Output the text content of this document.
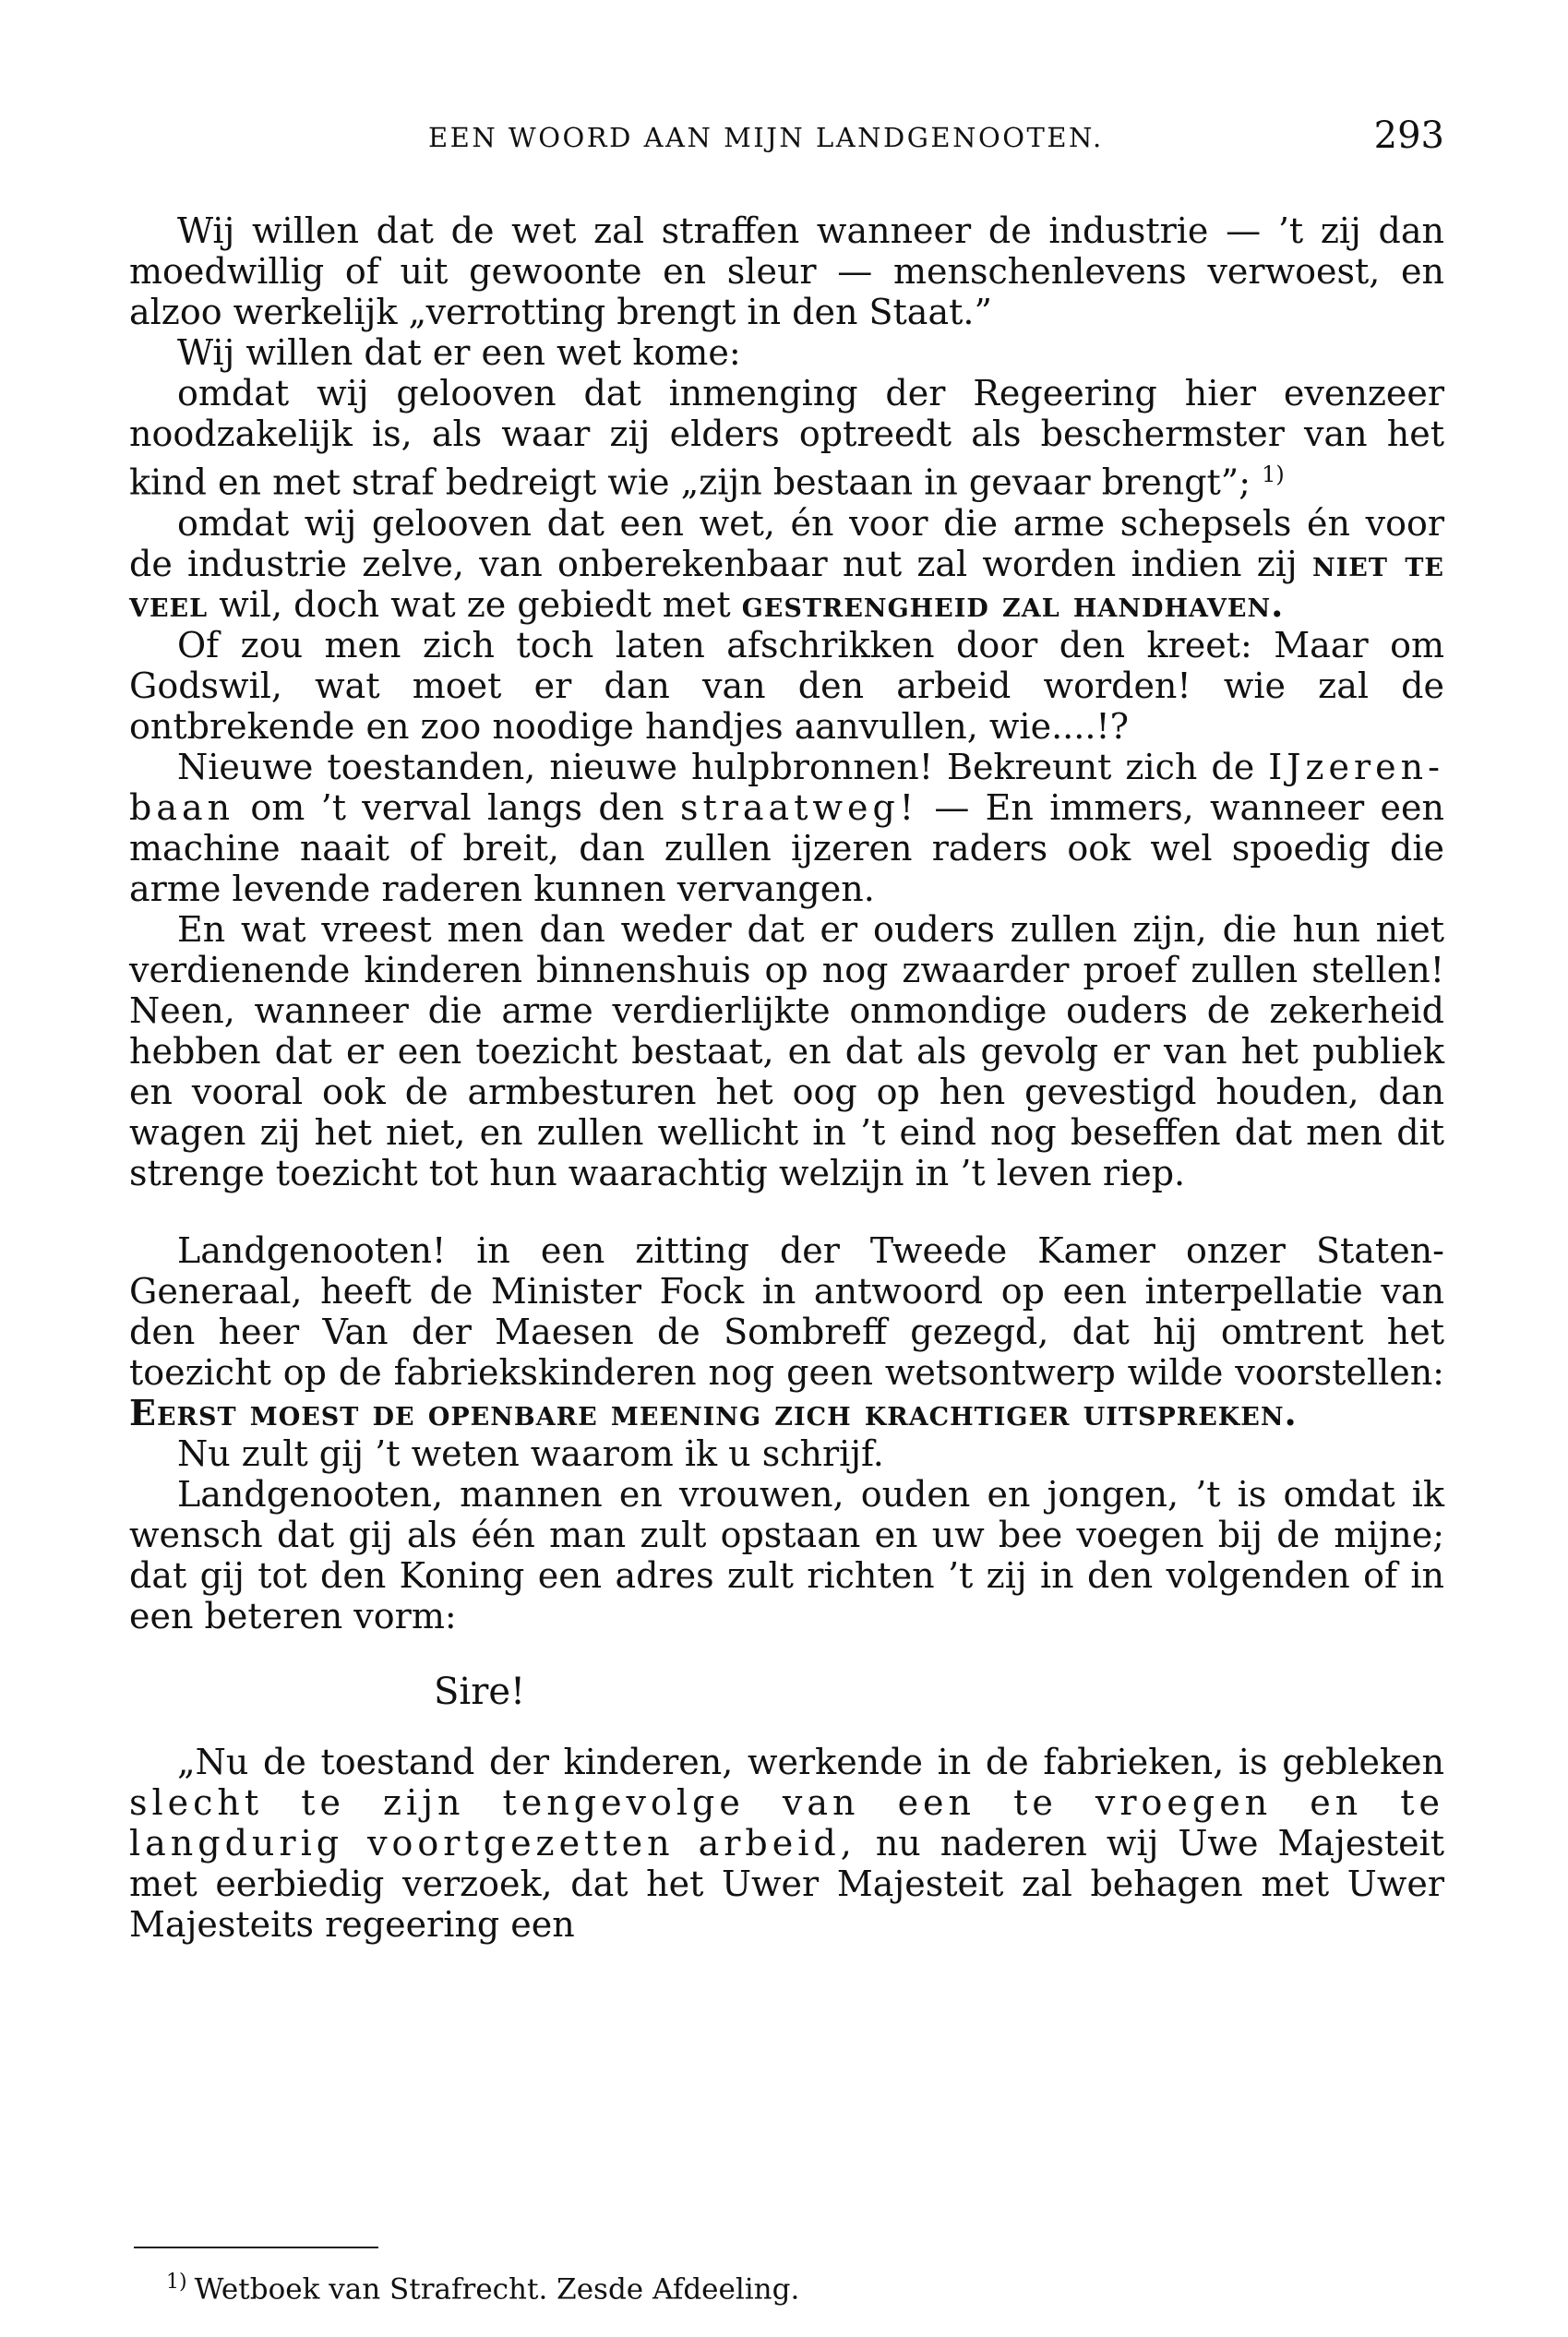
EEN WOORD AAN MIJN LANDGENOOTEN.	293

Wij willen dat de wet zal straffen wanneer de industrie — ’t zij dan moedwillig of uit gewoonte en sleur — menschenlevens verwoest, en alzoo werkelijk „verrotting brengt in den Staat.”

Wij willen dat er een wet kome:

omdat wij gelooven dat inmenging der Regeering hier evenzeer noodzakelijk is, als waar zij elders optreedt als beschermster van het kind en met straf bedreigt wie „zijn bestaan in gevaar brengt”; $^{1)}$

omdat wij gelooven dat een wet, én voor die arme schepsels én voor de industrie zelve, van onberekenbaar nut zal worden indien zij niet te veel wil, doch wat ze gebiedt met gestrengheid zal handhaven.

Of zou men zich toch laten afschrikken door den kreet: Maar om Godswil, wat moet er dan van den arbeid worden! wie zal de ontbrekende en zoo noodige handjes aanvullen, wie....!?

Nieuwe toestanden, nieuwe hulpbronnen! Bekreunt zich de IJzeren-baan om ’t verval langs den straatweg! — En immers, wanneer een machine naait of breit, dan zullen ijzeren raders ook wel spoedig die arme levende raderen kunnen vervangen.

En wat vreest men dan weder dat er ouders zullen zijn, die hun niet verdienende kinderen binnenshuis op nog zwaarder proef zullen stellen! Neen, wanneer die arme verdierlijkte onmondige ouders de zekerheid hebben dat er een toezicht bestaat, en dat als gevolg er van het publiek en vooral ook de armbesturen het oog op hen gevestigd houden, dan wagen zij het niet, en zullen wellicht in ’t eind nog beseffen dat men dit strenge toezicht tot hun waarachtig welzijn in ’t leven riep.

Landgenooten! in een zitting der Tweede Kamer onzer Staten-Generaal, heeft de Minister Fock in antwoord op een interpellatie van den heer Van der Maesen de Sombreff gezegd, dat hij omtrent het toezicht op de fabriekskinderen nog geen wetsontwerp wilde voorstellen: Eerst moest de openbare meening zich krachtiger uitspreken.

Nu zult gij ’t weten waarom ik u schrijf.

Landgenooten, mannen en vrouwen, ouden en jongen, ’t is omdat ik wensch dat gij als één man zult opstaan en uw bee voegen bij de mijne; dat gij tot den Koning een adres zult richten ’t zij in den volgenden of in een beteren vorm:

Sire!

„Nu de toestand der kinderen, werkende in de fabrieken, is gebleken slecht te zijn tengevolge van een te vroegen en te langdurig voortgezetten arbeid, nu naderen wij Uwe Majesteit met eerbiedig verzoek, dat het Uwer Majesteit zal behagen met Uwer Majesteits regeering een

$^{1)}$ Wetboek van Strafrecht. Zesde Afdeeling.
